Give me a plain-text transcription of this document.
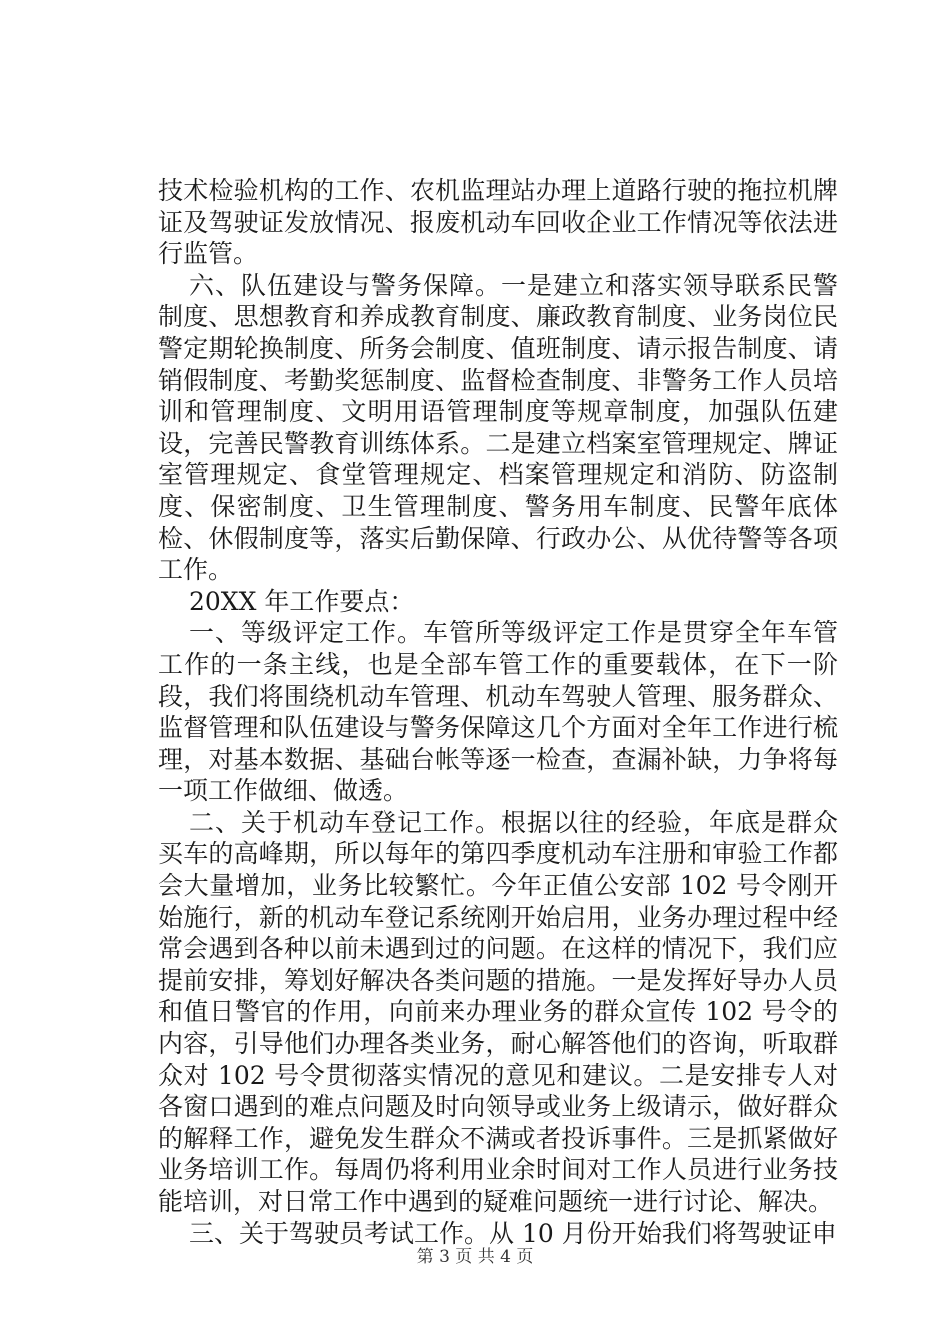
技术检验机构的工作、农机监理站办理上道路行驶的拖拉机牌证及驾驶证发放情况、报废机动车回收企业工作情况等依法进行监管。

六、队伍建设与警务保障。一是建立和落实领导联系民警制度、思想教育和养成教育制度、廉政教育制度、业务岗位民警定期轮换制度、所务会制度、值班制度、请示报告制度、请销假制度、考勤奖惩制度、监督检查制度、非警务工作人员培训和管理制度、文明用语管理制度等规章制度，加强队伍建设，完善民警教育训练体系。二是建立档案室管理规定、牌证室管理规定、食堂管理规定、档案管理规定和消防、防盗制度、保密制度、卫生管理制度、警务用车制度、民警年底体检、休假制度等，落实后勤保障、行政办公、从优待警等各项工作。

20XX 年工作要点：

一、等级评定工作。车管所等级评定工作是贯穿全年车管工作的一条主线，也是全部车管工作的重要载体，在下一阶段，我们将围绕机动车管理、机动车驾驶人管理、服务群众、监督管理和队伍建设与警务保障这几个方面对全年工作进行梳理，对基本数据、基础台帐等逐一检查，查漏补缺，力争将每一项工作做细、做透。

二、关于机动车登记工作。根据以往的经验，年底是群众买车的高峰期，所以每年的第四季度机动车注册和审验工作都会大量增加，业务比较繁忙。今年正值公安部 102 号令刚开始施行，新的机动车登记系统刚开始启用，业务办理过程中经常会遇到各种以前未遇到过的问题。在这样的情况下，我们应提前安排，筹划好解决各类问题的措施。一是发挥好导办人员和值日警官的作用，向前来办理业务的群众宣传 102 号令的内容，引导他们办理各类业务，耐心解答他们的咨询，听取群众对 102 号令贯彻落实情况的意见和建议。二是安排专人对各窗口遇到的难点问题及时向领导或业务上级请示，做好群众的解释工作，避免发生群众不满或者投诉事件。三是抓紧做好业务培训工作。每周仍将利用业余时间对工作人员进行业务技能培训，对日常工作中遇到的疑难问题统一进行讨论、解决。

三、关于驾驶员考试工作。从 10 月份开始我们将驾驶证申

第 3 页 共 4 页
